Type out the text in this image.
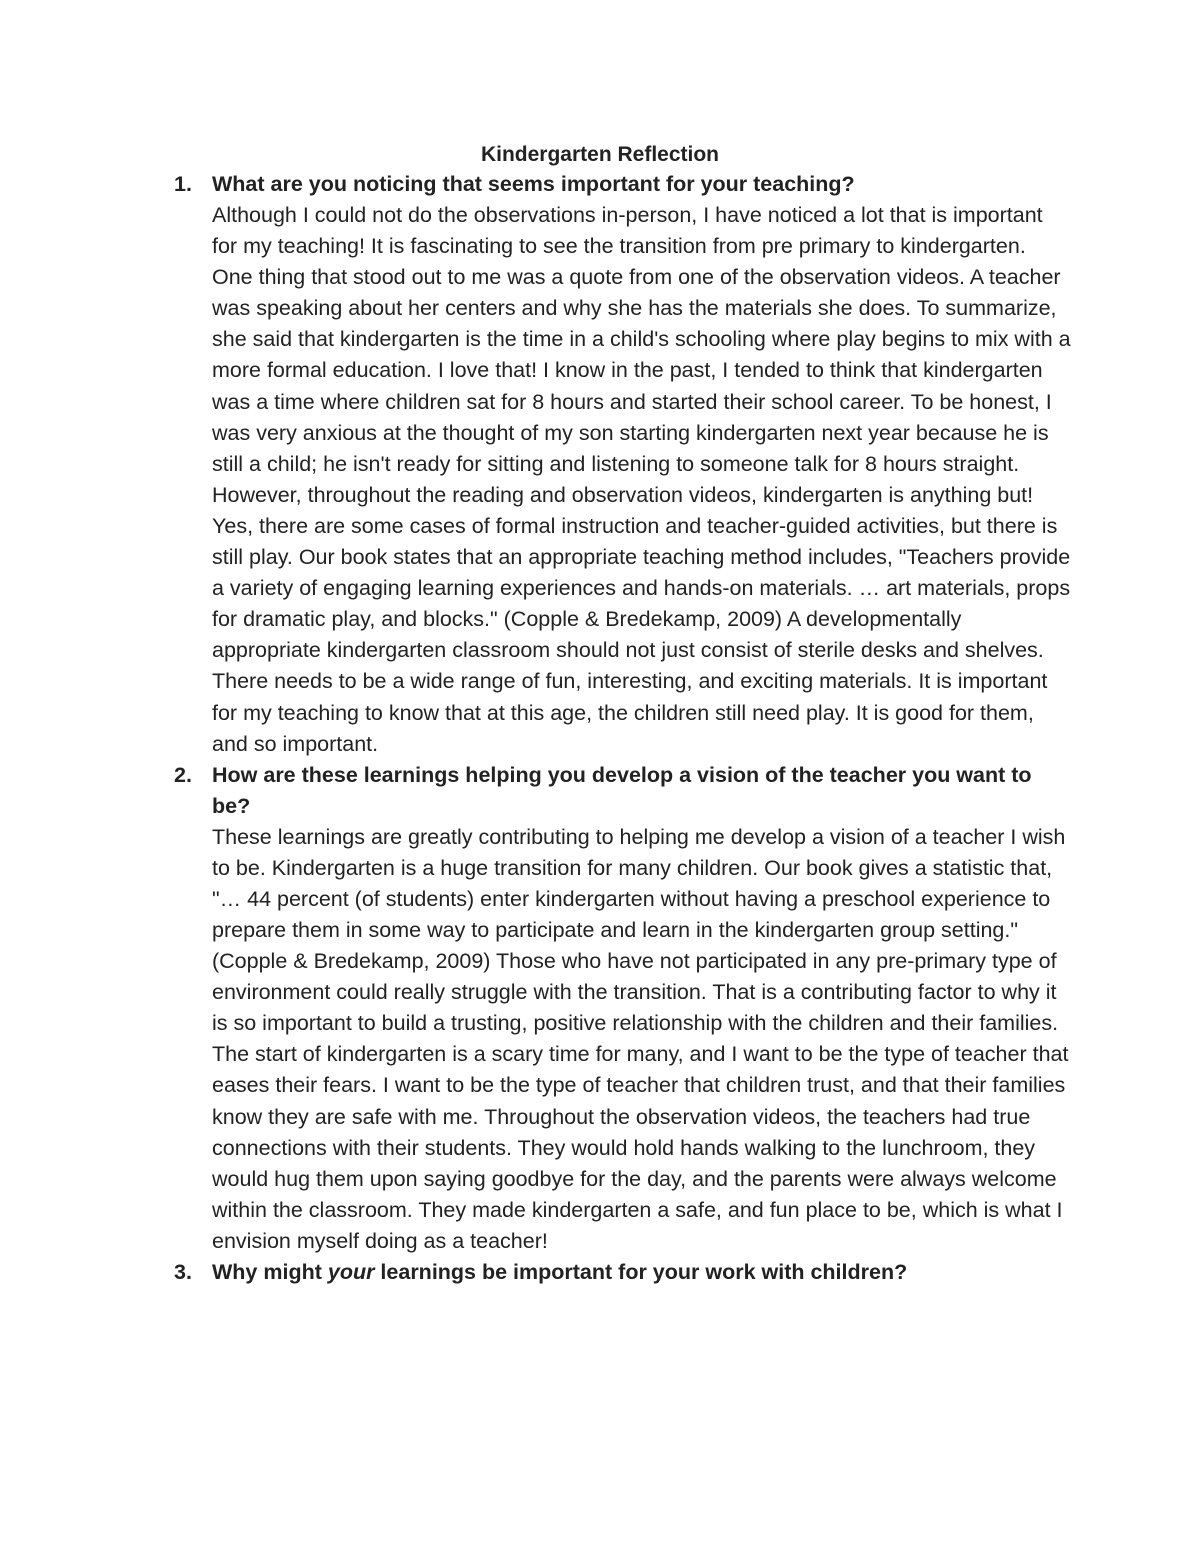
Kindergarten Reflection
1. What are you noticing that seems important for your teaching?

Although I could not do the observations in-person, I have noticed a lot that is important for my teaching! It is fascinating to see the transition from pre primary to kindergarten. One thing that stood out to me was a quote from one of the observation videos. A teacher was speaking about her centers and why she has the materials she does. To summarize, she said that kindergarten is the time in a child's schooling where play begins to mix with a more formal education. I love that! I know in the past, I tended to think that kindergarten was a time where children sat for 8 hours and started their school career. To be honest, I was very anxious at the thought of my son starting kindergarten next year because he is still a child; he isn't ready for sitting and listening to someone talk for 8 hours straight. However, throughout the reading and observation videos, kindergarten is anything but! Yes, there are some cases of formal instruction and teacher-guided activities, but there is still play. Our book states that an appropriate teaching method includes, "Teachers provide a variety of engaging learning experiences and hands-on materials. … art materials, props for dramatic play, and blocks." (Copple & Bredekamp, 2009) A developmentally appropriate kindergarten classroom should not just consist of sterile desks and shelves. There needs to be a wide range of fun, interesting, and exciting materials. It is important for my teaching to know that at this age, the children still need play. It is good for them, and so important.

2. How are these learnings helping you develop a vision of the teacher you want to be?

These learnings are greatly contributing to helping me develop a vision of a teacher I wish to be. Kindergarten is a huge transition for many children. Our book gives a statistic that, "… 44 percent (of students) enter kindergarten without having a preschool experience to prepare them in some way to participate and learn in the kindergarten group setting." (Copple & Bredekamp, 2009) Those who have not participated in any pre-primary type of environment could really struggle with the transition. That is a contributing factor to why it is so important to build a trusting, positive relationship with the children and their families. The start of kindergarten is a scary time for many, and I want to be the type of teacher that eases their fears. I want to be the type of teacher that children trust, and that their families know they are safe with me. Throughout the observation videos, the teachers had true connections with their students. They would hold hands walking to the lunchroom, they would hug them upon saying goodbye for the day, and the parents were always welcome within the classroom. They made kindergarten a safe, and fun place to be, which is what I envision myself doing as a teacher!

3. Why might your learnings be important for your work with children?
